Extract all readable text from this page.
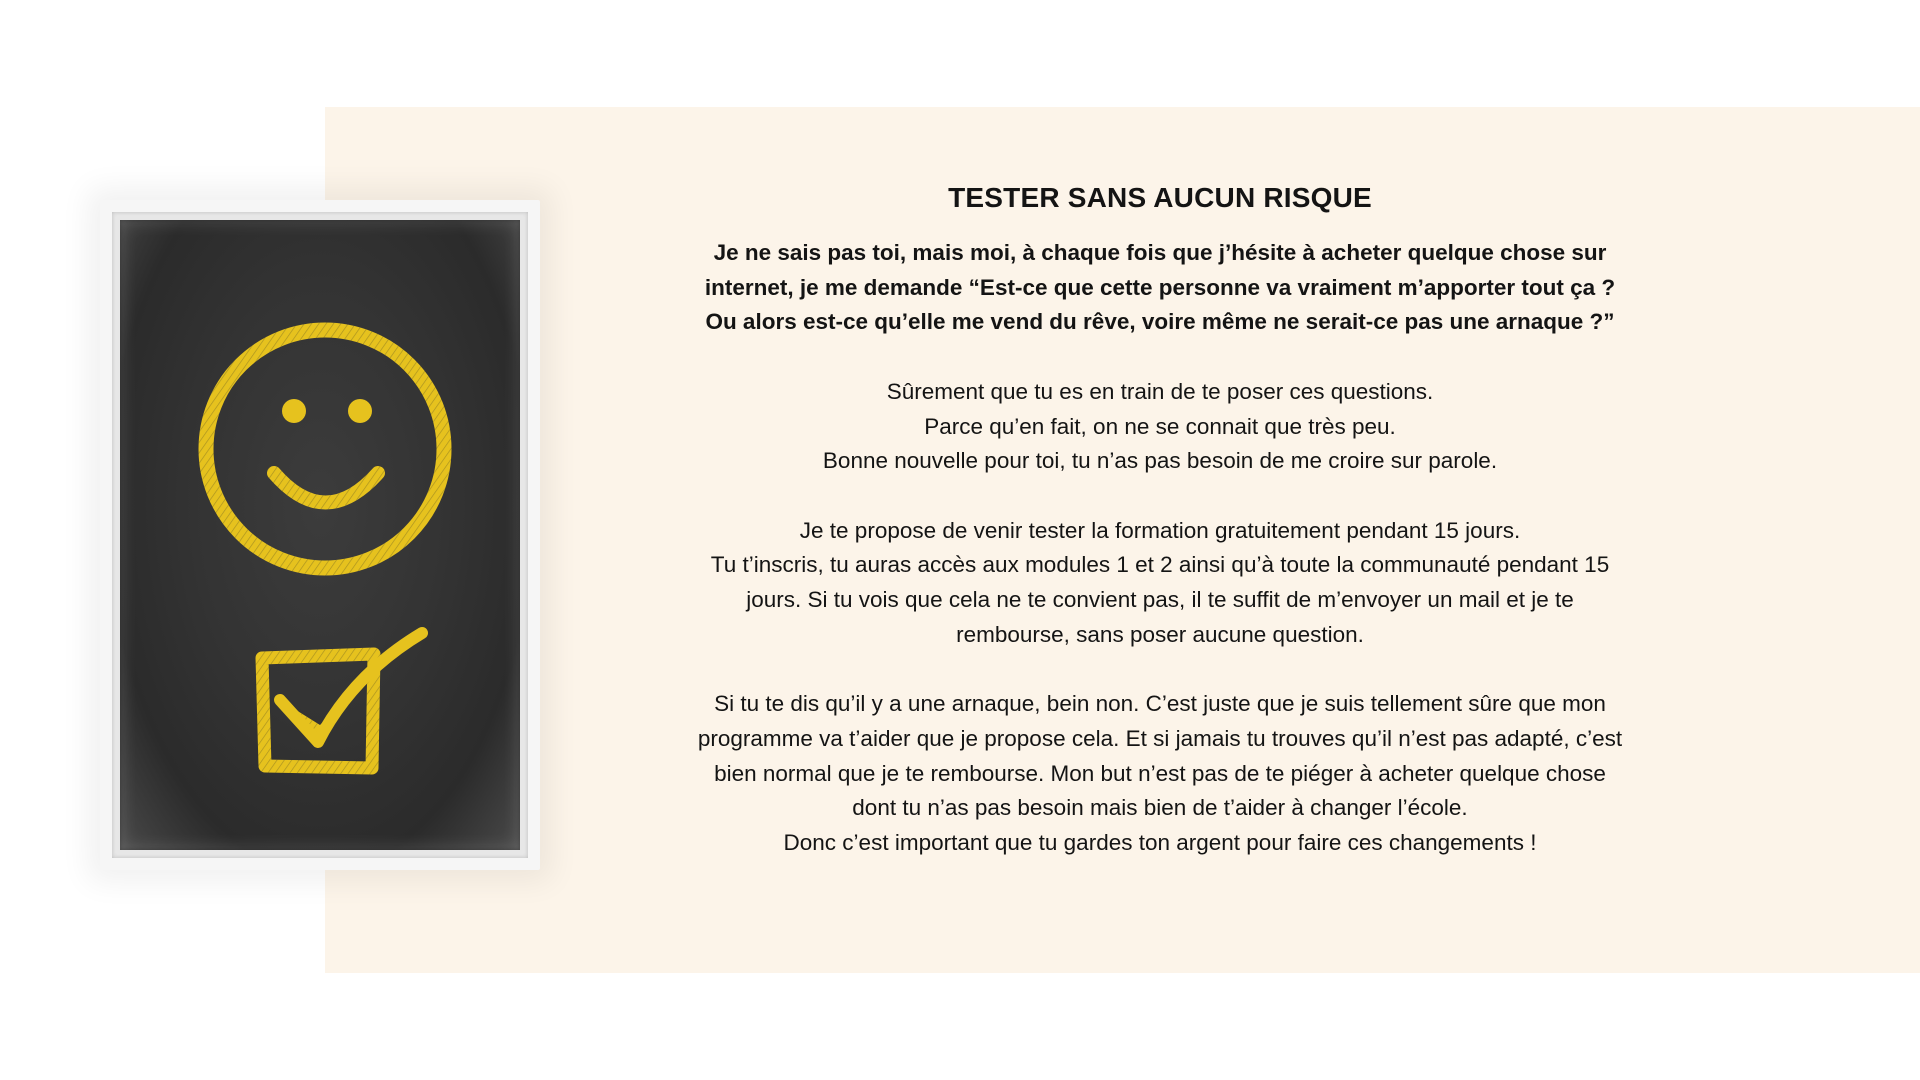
TESTER SANS AUCUN RISQUE

Je ne sais pas toi, mais moi, à chaque fois que j’hésite à acheter quelque chose sur
internet, je me demande “Est-ce que cette personne va vraiment m’apporter tout ça ?
Ou alors est-ce qu’elle me vend du rêve, voire même ne serait-ce pas une arnaque ?”

Sûrement que tu es en train de te poser ces questions.
Parce qu’en fait, on ne se connait que très peu.
Bonne nouvelle pour toi, tu n’as pas besoin de me croire sur parole.

Je te propose de venir tester la formation gratuitement pendant 15 jours.
Tu t’inscris, tu auras accès aux modules 1 et 2 ainsi qu’à toute la communauté pendant 15
jours. Si tu vois que cela ne te convient pas, il te suffit de m’envoyer un mail et je te
rembourse, sans poser aucune question.

Si tu te dis qu’il y a une arnaque, bein non. C’est juste que je suis tellement sûre que mon
programme va t’aider que je propose cela. Et si jamais tu trouves qu’il n’est pas adapté, c’est
bien normal que je te rembourse. Mon but n’est pas de te piéger à acheter quelque chose
dont tu n’as pas besoin mais bien de t’aider à changer l’école.
Donc c’est important que tu gardes ton argent pour faire ces changements !
